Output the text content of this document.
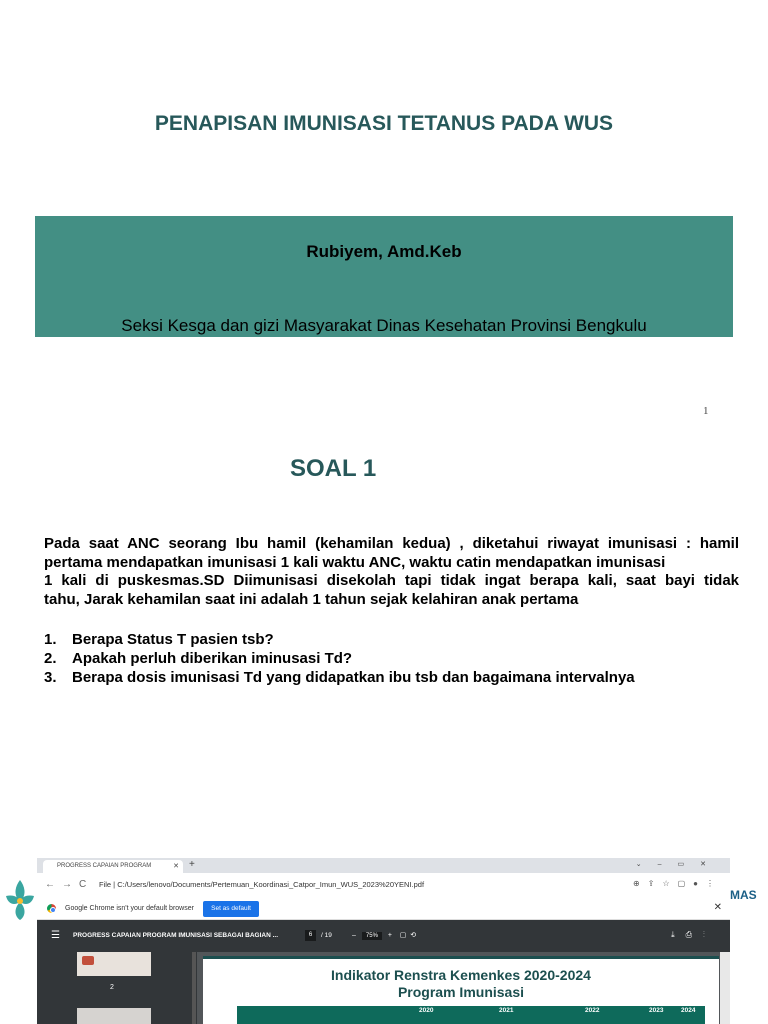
PENAPISAN IMUNISASI TETANUS PADA WUS
Rubiyem, Amd.Keb
Seksi Kesga dan gizi Masyarakat Dinas Kesehatan Provinsi Bengkulu
1
SOAL 1
Pada saat ANC seorang Ibu hamil (kehamilan kedua) , diketahui riwayat imunisasi : hamil
pertama mendapatkan imunisasi 1 kali waktu ANC, waktu catin mendapatkan imunisasi
1 kali di puskesmas.SD Diimunisasi disekolah tapi tidak ingat berapa kali, saat bayi tidak
tahu, Jarak kehamilan saat ini adalah 1 tahun sejak kelahiran anak pertama
1. Berapa Status T pasien tsb?
2. Apakah perluh diberikan iminusasi Td?
3. Berapa dosis imunisasi Td yang didapatkan ibu tsb dan bagaimana intervalnya
MAS
PROGRESS CAPAIAN PROGRAM	✕ +	⌄–▭✕
←→C File | C:/Users/lenovo/Documents/Pertemuan_Koordinasi_Catpor_Imun_WUS_2023%20YENI.pdf	⊕⇪☆▢●⋮
Google Chrome isn't your default browser	Set as default	✕
☰ PROGRESS CAPAIAN PROGRAM IMUNISASI SEBAGAI BAGIAN ...	6	/ 19	– 75% +    ▢  ⟲	⤓⎙⋮
2
Indikator Renstra Kemenkes 2020-2024
Program Imunisasi
2020	2021	2022	2023	2024
